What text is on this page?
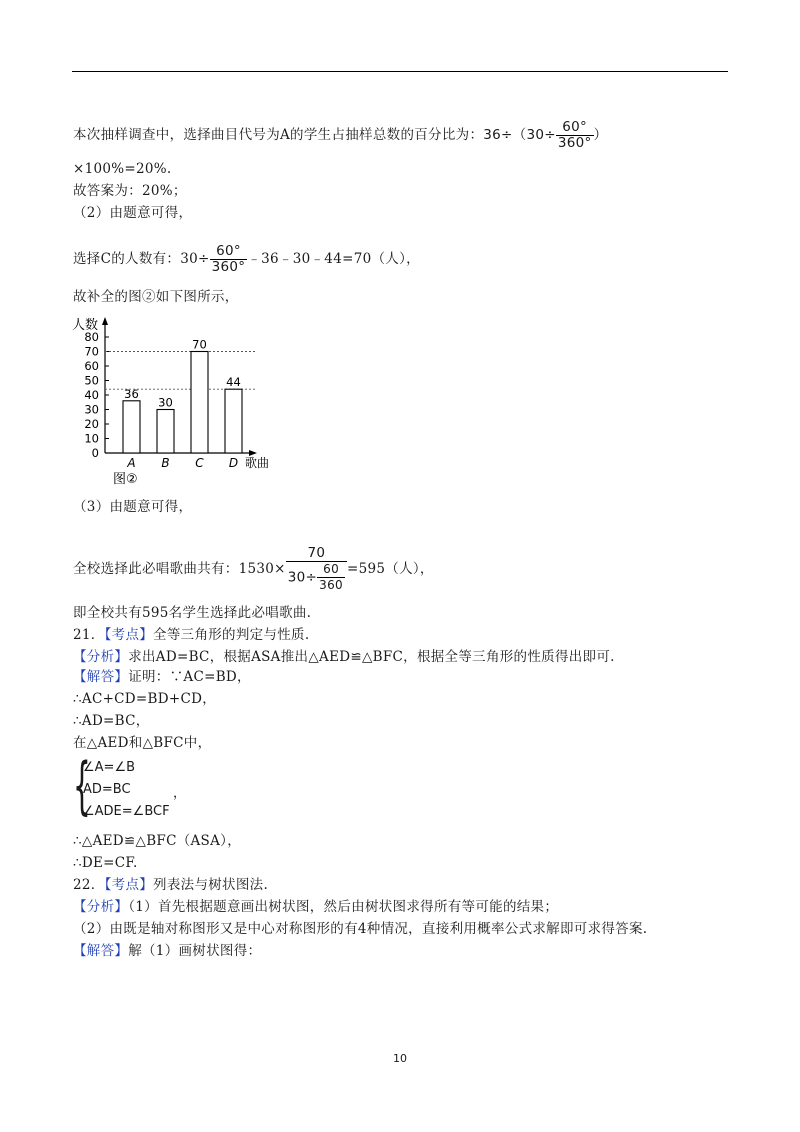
本次抽样调查中，选择曲目代号为A的学生占抽样总数的百分比为：$36\div(30\div \frac{60^\circ}{360^\circ}$ ）
×100%=20%.
故答案为：20%；
（2）由题意可得，
选择C的人数有：$30\div \frac{60^\circ}{360^\circ}$ ﹣36﹣30﹣44=70（人），
故补全的图②如下图所示，
人数
歌曲
0
10
20
30
40
50
60
70
80
36
A
30
B
70
C
44
D
图②
（3）由题意可得，
全校选择此必唱歌曲共有：$1530\times \frac{70}{30\div \frac{60}{360}} =595$（人），
即全校共有595名学生选择此必唱歌曲.
21．【考点】全等三角形的判定与性质.
【分析】求出AD=BC，根据ASA推出△AED≌△BFC，根据全等三角形的性质得出即可.
【解答】证明：∵AC=BD，
∴AC+CD=BD+CD，
∴AD=BC，
在△AED和△BFC中，
{
∠A=∠B
AD=BC
∠ADE=∠BCF
，
∴△AED≌△BFC（ASA），
∴DE=CF.
22．【考点】列表法与树状图法.
【分析】（1）首先根据题意画出树状图，然后由树状图求得所有等可能的结果；
（2）由既是轴对称图形又是中心对称图形的有4种情况，直接利用概率公式求解即可求得答案.
【解答】解（1）画树状图得：
10
